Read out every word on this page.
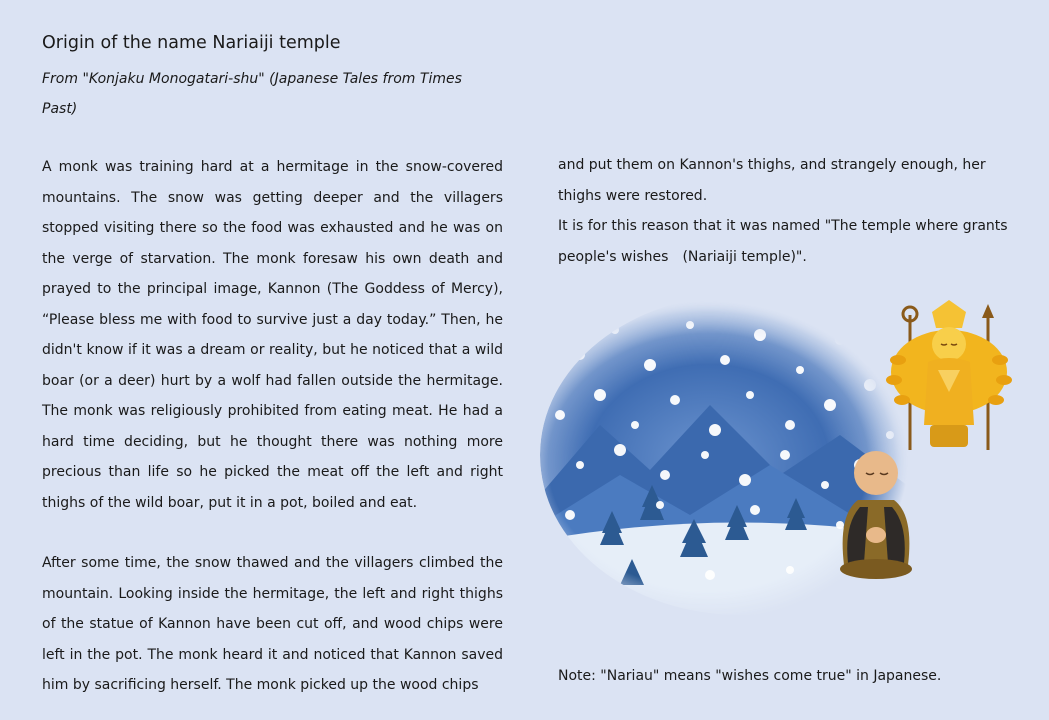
Origin of the name Nariaiji temple

From "Konjaku Monogatari-shu" (Japanese Tales from Times Past)

A monk was training hard at a hermitage in the snow-covered mountains. The snow was getting deeper and the villagers stopped visiting there so the food was exhausted and he was on the verge of starvation. The monk foresaw his own death and prayed to the principal image, Kannon (The Goddess of Mercy), “Please bless me with food to survive just a day today.” Then, he didn't know if it was a dream or reality, but he noticed that a wild boar (or a deer) hurt by a wolf had fallen outside the hermitage. The monk was religiously prohibited from eating meat. He had a hard time deciding, but he thought there was nothing more precious than life so he picked the meat off the left and right thighs of the wild boar, put it in a pot, boiled and eat.

After some time, the snow thawed and the villagers climbed the mountain. Looking inside the hermitage, the left and right thighs of the statue of Kannon have been cut off, and wood chips were left in the pot. The monk heard it and noticed that Kannon saved him by sacrificing herself. The monk picked up the wood chips

and put them on Kannon's thighs, and strangely enough, her thighs were restored.

It is for this reason that it was named "The temple where grants people's wishes　(Nariaiji temple)".

Note: "Nariau" means "wishes come true" in Japanese.
